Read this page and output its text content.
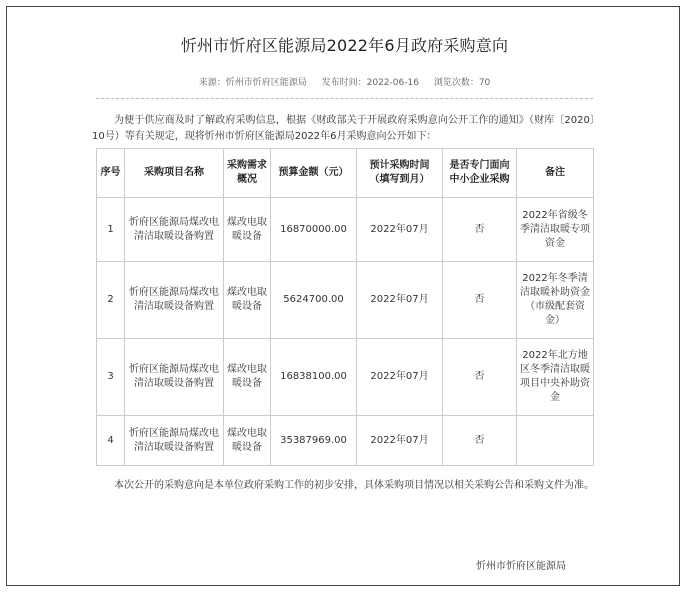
忻州市忻府区能源局2022年6月政府采购意向
来源：忻州市忻府区能源局 发布时间：2022-06-16 浏览次数：70
为便于供应商及时了解政府采购信息，根据《财政部关于开展政府采购意向公开工作的通知》（财库〔2020〕10号）等有关规定，现将忻州市忻府区能源局2022年6月采购意向公开如下：
序号	采购项目名称	采购需求概况	预算金额（元）	预计采购时间（填写到月）	是否专门面向中小企业采购	备注
1	忻府区能源局煤改电清洁取暖设备购置	煤改电取暖设备	16870000.00	2022年07月	否	2022年省级冬季清洁取暖专项资金
2	忻府区能源局煤改电清洁取暖设备购置	煤改电取暖设备	5624700.00	2022年07月	否	2022年冬季清洁取暖补助资金（市级配套资金）
3	忻府区能源局煤改电清洁取暖设备购置	煤改电取暖设备	16838100.00	2022年07月	否	2022年北方地区冬季清洁取暖项目中央补助资金
4	忻府区能源局煤改电清洁取暖设备购置	煤改电取暖设备	35387969.00	2022年07月	否	
本次公开的采购意向是本单位政府采购工作的初步安排，具体采购项目情况以相关采购公告和采购文件为准。
忻州市忻府区能源局
